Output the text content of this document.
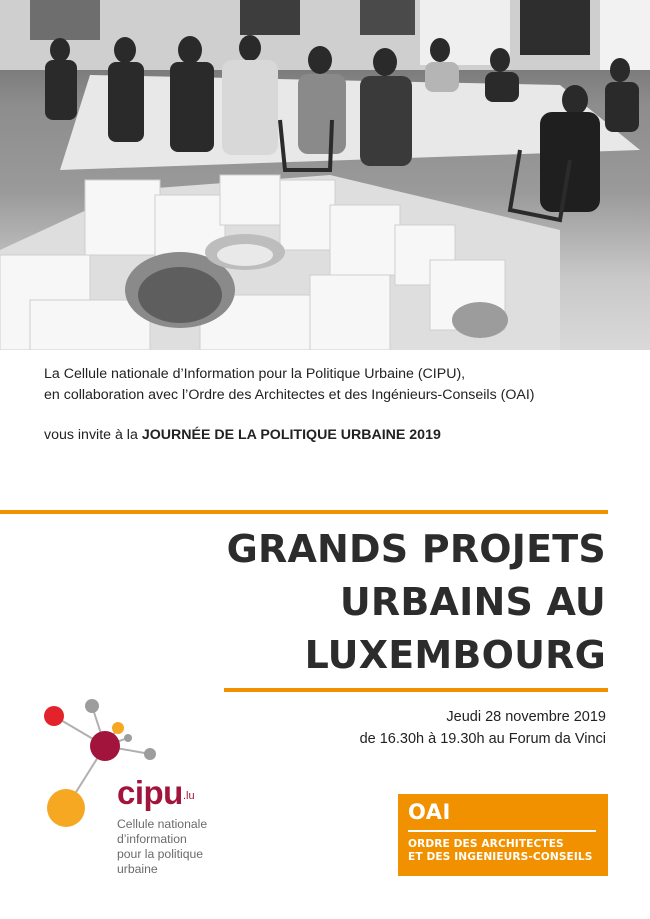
La Cellule nationale d’Information pour la Politique Urbaine (CIPU),

en collaboration avec l’Ordre des Architectes et des Ingénieurs-Conseils (OAI)

vous invite à la JOURNÉE DE LA POLITIQUE URBAINE 2019

GRANDS PROJETS
URBAINS AU
LUXEMBOURG
Jeudi 28 novembre 2019
de 16.30h à 19.30h au Forum da Vinci
cipu .lu
Cellule nationale
d’information
pour la politique
urbaine
OAI
ORDRE DES ARCHITECTES
ET DES INGENIEURS-CONSEILS
